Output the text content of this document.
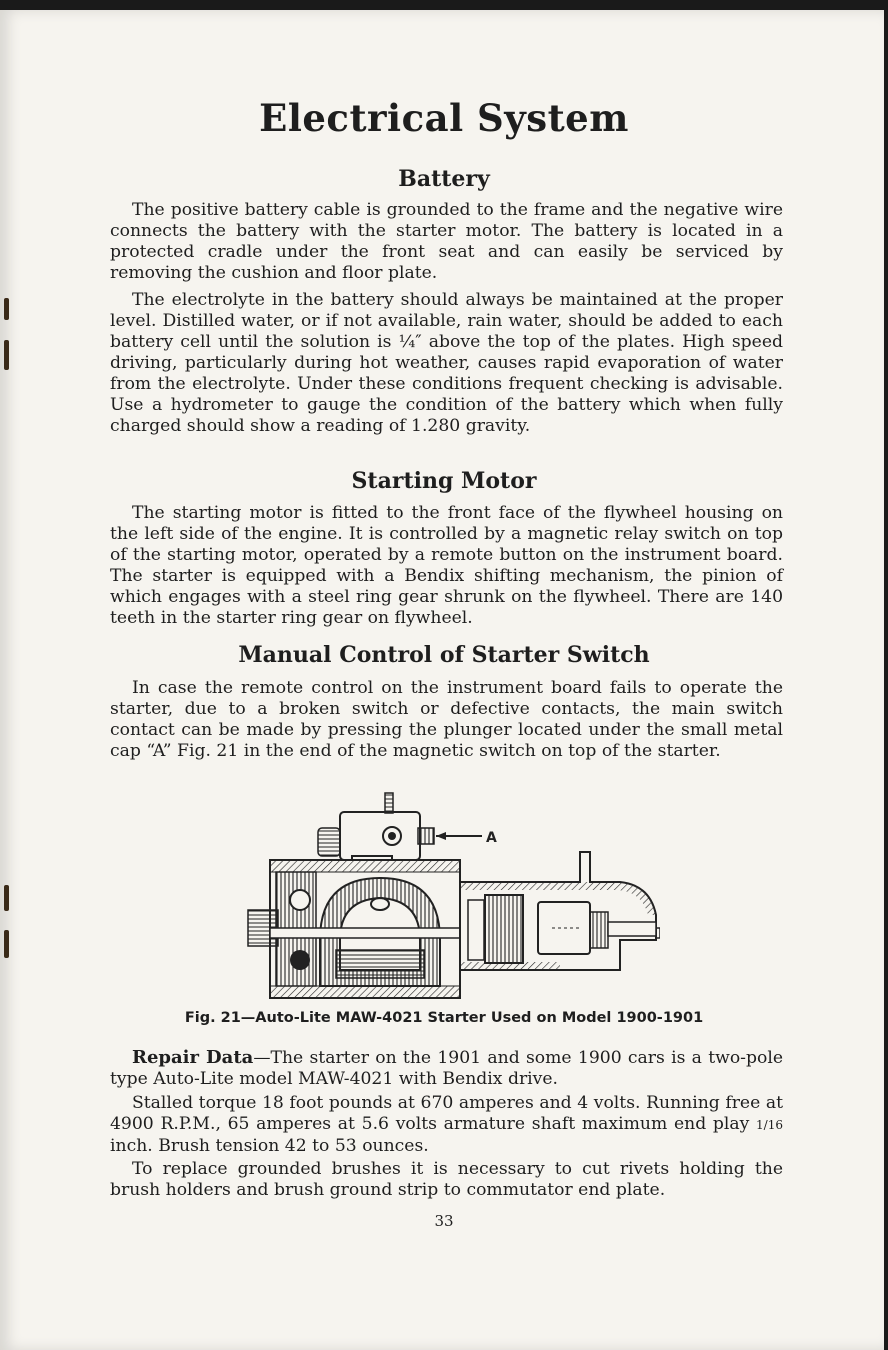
Electrical System
Battery

The positive battery cable is grounded to the frame and the negative wire connects the battery with the starter motor. The battery is located in a protected cradle under the front seat and can easily be serviced by removing the cushion and floor plate.

The electrolyte in the battery should always be maintained at the proper level. Distilled water, or if not available, rain water, should be added to each battery cell until the solution is ¼″ above the top of the plates. High speed driving, particularly during hot weather, causes rapid evaporation of water from the electrolyte. Under these conditions frequent checking is advisable. Use a hydrometer to gauge the condition of the battery which when fully charged should show a reading of 1.280 gravity.

Starting Motor

The starting motor is fitted to the front face of the flywheel housing on the left side of the engine. It is controlled by a magnetic relay switch on top of the starting motor, operated by a remote button on the instrument board. The starter is equipped with a Bendix shifting mechanism, the pinion of which engages with a steel ring gear shrunk on the flywheel. There are 140 teeth in the starter ring gear on flywheel.

Manual Control of Starter Switch

In case the remote control on the instrument board fails to operate the starter, due to a broken switch or defective contacts, the main switch contact can be made by pressing the plunger located under the small metal cap “A” Fig. 21 in the end of the magnetic switch on top of the starter.

A
Fig. 21—Auto-Lite MAW-4021 Starter Used on Model 1900-1901

Repair Data—The starter on the 1901 and some 1900 cars is a two-pole type Auto-Lite model MAW-4021 with Bendix drive.

Stalled torque 18 foot pounds at 670 amperes and 4 volts. Running free at 4900 R.P.M., 65 amperes at 5.6 volts armature shaft maximum end play 1/16 inch. Brush tension 42 to 53 ounces.

To replace grounded brushes it is necessary to cut rivets holding the brush holders and brush ground strip to commutator end plate.

33
